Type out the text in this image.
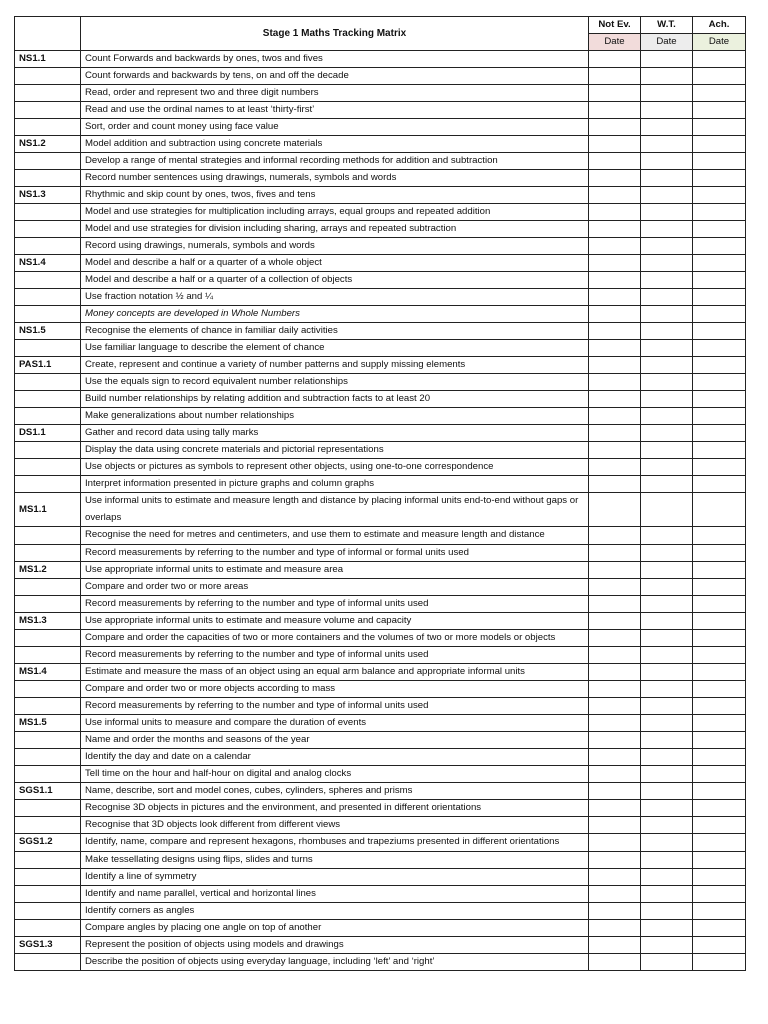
	Stage 1 Maths Tracking Matrix	Not Ev.	W.T.	Ach.
		Date	Date	Date
NS1.1	Count Forwards and backwards by ones, twos and fives			
	Count forwards and backwards by tens, on and off the decade			
	Read, order and represent two and three digit numbers			
	Read and use the ordinal names to at least ‘thirty-first’			
	Sort, order and count money using face value			
NS1.2	Model addition and subtraction using concrete materials			
	Develop a range of mental strategies and informal recording methods for addition and subtraction			
	Record number sentences using drawings, numerals, symbols and words			
NS1.3	Rhythmic and skip count by ones, twos, fives and tens			
	Model and use strategies for multiplication including arrays, equal groups and repeated addition			
	Model and use strategies for division including sharing, arrays and repeated subtraction			
	Record using drawings, numerals, symbols and words			
NS1.4	Model and describe a half or a quarter of a whole object			
	Model and describe a half or a quarter of a collection of objects			
	Use fraction notation ½ and ¼			
	Money concepts are developed in Whole Numbers			
NS1.5	Recognise the elements of chance in familiar daily activities			
	Use familiar language to describe the element of chance			
PAS1.1	Create, represent and continue a variety of number patterns and supply missing elements			
	Use the equals sign to record equivalent number relationships			
	Build number relationships by relating addition and subtraction facts to at least 20			
	Make generalizations about number relationships			
DS1.1	Gather and record data using tally marks			
	Display the data using concrete materials and pictorial representations			
	Use objects or pictures as symbols to represent other objects, using one-to-one correspondence			
	Interpret information presented in picture graphs and column graphs			
MS1.1	Use informal units to estimate and measure length and distance by placing informal units end-to-end without gaps or overlaps			
	Recognise the need for metres and centimeters, and use them to estimate and measure length and distance			
	Record measurements by referring to the number and type of informal or formal units used			
MS1.2	Use appropriate informal units to estimate and measure area			
	Compare and order two or more areas			
	Record measurements by referring to the number and type of informal units used			
MS1.3	Use appropriate informal units to estimate and measure volume and capacity			
	Compare and order the capacities of two or more containers and the volumes of two or more models or objects			
	Record measurements by referring to the number and type of informal units used			
MS1.4	Estimate and measure the mass of an object using an equal arm balance and appropriate informal units			
	Compare and order two or more objects according to mass			
	Record measurements by referring to the number and type of informal units used			
MS1.5	Use informal units to measure and compare the duration of events			
	Name and order the months and seasons of the year			
	Identify the day and date on a calendar			
	Tell time on the hour and half-hour on digital and analog clocks			
SGS1.1	Name, describe, sort and model cones, cubes, cylinders, spheres and prisms			
	Recognise 3D objects in pictures and the environment, and presented in different orientations			
	Recognise that 3D objects look different from different views			
SGS1.2	Identify, name, compare and represent hexagons, rhombuses and trapeziums presented in different orientations			
	Make tessellating designs using flips, slides and turns			
	Identify a line of symmetry			
	Identify and name parallel, vertical and horizontal lines			
	Identify corners as angles			
	Compare angles by placing one angle on top of another			
SGS1.3	Represent the position of objects using models and drawings			
	Describe the position of objects using everyday language, including ‘left’ and ‘right’			
